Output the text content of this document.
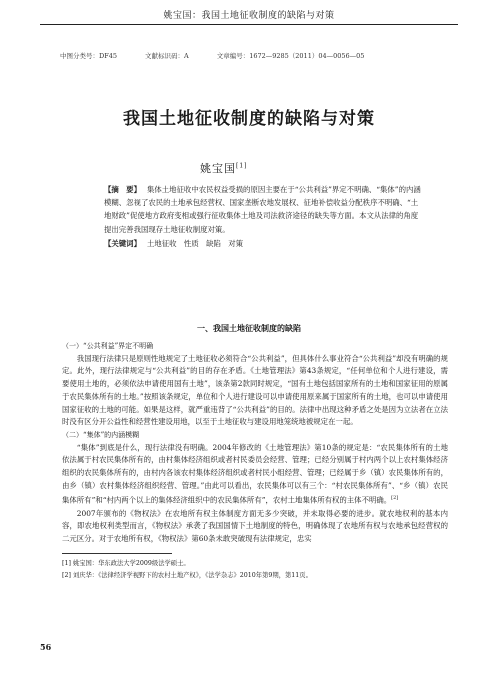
姚宝国：我国土地征收制度的缺陷与对策
中图分类号：DF45	文献标识码：A	文章编号：1672—9285（2011）04—0056—05
我国土地征收制度的缺陷与对策
姚宝国[1]
【摘　要】 集体土地征收中农民权益受损的原因主要在于“公共利益”界定不明确、“集体”的内涵模糊、忽视了农民的土地承包经营权、国家垄断农地发展权、征地补偿收益分配秩序不明确、“土地财政”促使地方政府变相或强行征收集体土地及司法救济途径的缺失等方面。本文从法律的角度提出完善我国现存土地征收制度对策。
【关键词】 土地征收　性质　缺陷　对策
一、我国土地征收制度的缺陷

（一）“公共利益”界定不明确

我国现行法律只是原则性地规定了土地征收必须符合“公共利益”，但具体什么事业符合“公共利益”却没有明确的规定。此外，现行法律规定与“公共利益”的目的存在矛盾。《土地管理法》第43条规定，“任何单位和个人进行建设，需要使用土地的，必须依法申请使用国有土地”，该条第2款同时规定，“国有土地包括国家所有的土地和国家征用的原属于农民集体所有的土地。”按照该条规定，单位和个人进行建设可以申请使用原来属于国家所有的土地，也可以申请使用国家征收的土地的可能。如果是这样，就严重违背了“公共利益”的目的。法律中出现这种矛盾之处是因为立法者在立法时没有区分开公益性和经营性建设用地，以至于土地征收与建设用地笼统地被规定在一起。

（二）“集体”的内涵模糊

“集体”到底是什么，现行法律没有明确。2004年修改的《土地管理法》第10条的规定是：“农民集体所有的土地依法属于村农民集体所有的，由村集体经济组织或者村民委员会经营、管理；已经分别属于村内两个以上农村集体经济组织的农民集体所有的，由村内各该农村集体经济组织或者村民小组经营、管理；已经属于乡（镇）农民集体所有的，由乡（镇）农村集体经济组织经营、管理。”由此可以看出，农民集体可以有三个：“村农民集体所有”、“乡（镇）农民集体所有”和“村内两个以上的集体经济组织中的农民集体所有”，农村土地集体所有权的主体不明确。[2]

2007年颁布的《物权法》在农地所有权主体制度方面无多少突破，并未取得必要的进步。就农地权利的基本内容，即农地权利类型而言，《物权法》承袭了我国国情下土地制度的特色，明确体现了农地所有权与农地承包经营权的二元区分。对于农地所有权，《物权法》第60条未敢突破现有法律规定，忠实

[1] 姚宝国：华东政法大学2009级法学硕士。
[2] 刘庆华：《法律经济学视野下的农村土地产权》，《法学杂志》2010年第9期，第11页。
56
